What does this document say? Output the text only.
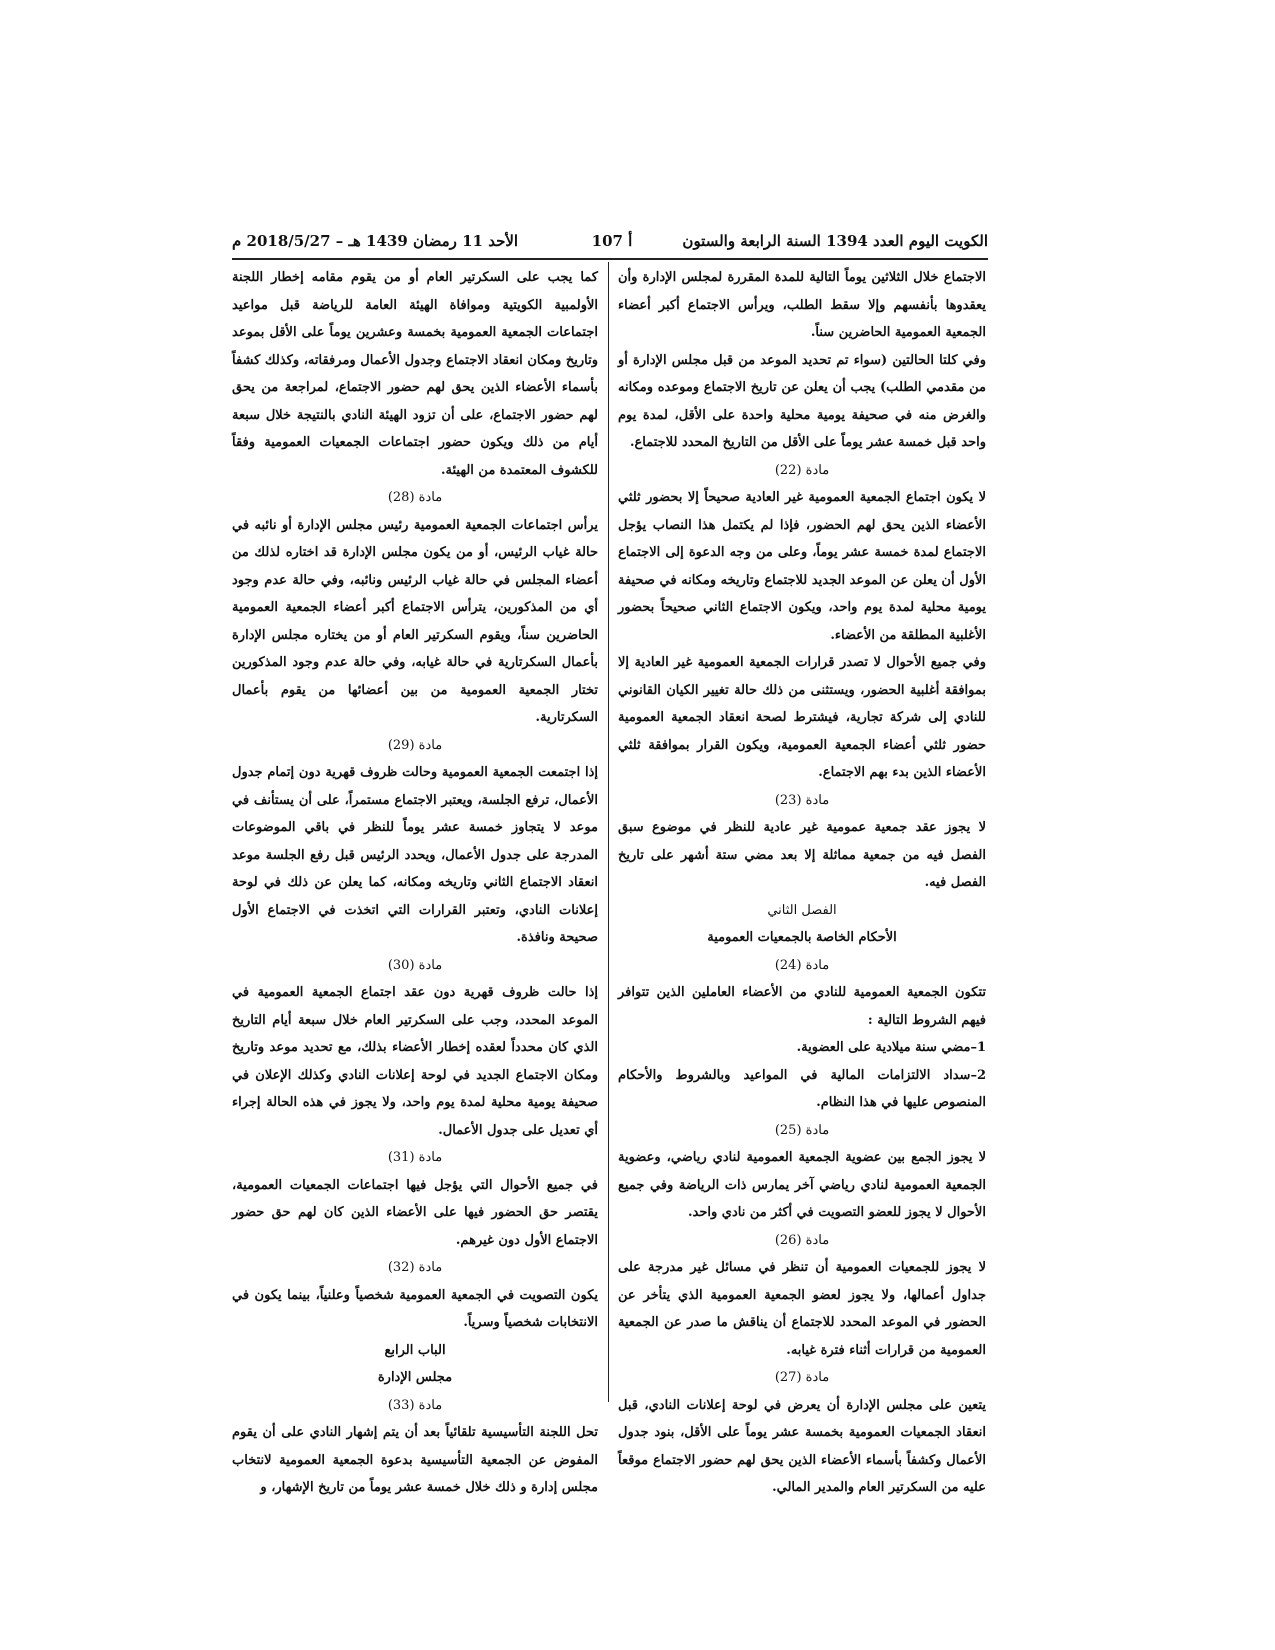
الأحد 11 رمضان 1439 هـ – 2018/5/27 م	أ 107	الكويت اليوم العدد 1394 السنة الرابعة والستون

الاجتماع خلال الثلاثين يوماً التالية للمدة المقررة لمجلس الإدارة وأن يعقدوها بأنفسهم وإلا سقط الطلب، ويرأس الاجتماع أكبر أعضاء الجمعية العمومية الحاضرين سناً.

وفي كلتا الحالتين (سواء تم تحديد الموعد من قبل مجلس الإدارة أو من مقدمي الطلب) يجب أن يعلن عن تاريخ الاجتماع وموعده ومكانه والغرض منه في صحيفة يومية محلية واحدة على الأقل، لمدة يوم واحد قبل خمسة عشر يوماً على الأقل من التاريخ المحدد للاجتماع.

مادة (22)

لا يكون اجتماع الجمعية العمومية غير العادية صحيحاً إلا بحضور ثلثي الأعضاء الذين يحق لهم الحضور، فإذا لم يكتمل هذا النصاب يؤجل الاجتماع لمدة خمسة عشر يوماً، وعلى من وجه الدعوة إلى الاجتماع الأول أن يعلن عن الموعد الجديد للاجتماع وتاريخه ومكانه في صحيفة يومية محلية لمدة يوم واحد، ويكون الاجتماع الثاني صحيحاً بحضور الأغلبية المطلقة من الأعضاء.

وفي جميع الأحوال لا تصدر قرارات الجمعية العمومية غير العادية إلا بموافقة أغلبية الحضور، ويستثنى من ذلك حالة تغيير الكيان القانوني للنادي إلى شركة تجارية، فيشترط لصحة انعقاد الجمعية العمومية حضور ثلثي أعضاء الجمعية العمومية، ويكون القرار بموافقة ثلثي الأعضاء الذين بدء بهم الاجتماع.

مادة (23)

لا يجوز عقد جمعية عمومية غير عادية للنظر في موضوع سبق الفصل فيه من جمعية مماثلة إلا بعد مضي ستة أشهر على تاريخ الفصل فيه.

الفصل الثاني

الأحكام الخاصة بالجمعيات العمومية

مادة (24)

تتكون الجمعية العمومية للنادي من الأعضاء العاملين الذين تتوافر فيهم الشروط التالية :

1–مضي سنة ميلادية على العضوية.

2–سداد الالتزامات المالية في المواعيد وبالشروط والأحكام المنصوص عليها في هذا النظام.

مادة (25)

لا يجوز الجمع بين عضوية الجمعية العمومية لنادي رياضي، وعضوية الجمعية العمومية لنادي رياضي آخر يمارس ذات الرياضة وفي جميع الأحوال لا يجوز للعضو التصويت في أكثر من نادي واحد.

مادة (26)

لا يجوز للجمعيات العمومية أن تنظر في مسائل غير مدرجة على جداول أعمالها، ولا يجوز لعضو الجمعية العمومية الذي يتأخر عن الحضور في الموعد المحدد للاجتماع أن يناقش ما صدر عن الجمعية العمومية من قرارات أثناء فترة غيابه.

مادة (27)

يتعين على مجلس الإدارة أن يعرض في لوحة إعلانات النادي، قبل انعقاد الجمعيات العمومية بخمسة عشر يوماً على الأقل، بنود جدول الأعمال وكشفاً بأسماء الأعضاء الذين يحق لهم حضور الاجتماع موقعاً عليه من السكرتير العام والمدير المالي.

كما يجب على السكرتير العام أو من يقوم مقامه إخطار اللجنة الأولمبية الكويتية وموافاة الهيئة العامة للرياضة قبل مواعيد اجتماعات الجمعية العمومية بخمسة وعشرين يوماً على الأقل بموعد وتاريخ ومكان انعقاد الاجتماع وجدول الأعمال ومرفقاته، وكذلك كشفاً بأسماء الأعضاء الذين يحق لهم حضور الاجتماع، لمراجعة من يحق لهم حضور الاجتماع، على أن تزود الهيئة النادي بالنتيجة خلال سبعة أيام من ذلك ويكون حضور اجتماعات الجمعيات العمومية وفقاً للكشوف المعتمدة من الهيئة.

مادة (28)

يرأس اجتماعات الجمعية العمومية رئيس مجلس الإدارة أو نائبه في حالة غياب الرئيس، أو من يكون مجلس الإدارة قد اختاره لذلك من أعضاء المجلس في حالة غياب الرئيس ونائبه، وفي حالة عدم وجود أي من المذكورين، يترأس الاجتماع أكبر أعضاء الجمعية العمومية الحاضرين سناً، ويقوم السكرتير العام أو من يختاره مجلس الإدارة بأعمال السكرتارية في حالة غيابه، وفي حالة عدم وجود المذكورين تختار الجمعية العمومية من بين أعضائها من يقوم بأعمال السكرتارية.

مادة (29)

إذا اجتمعت الجمعية العمومية وحالت ظروف قهرية دون إتمام جدول الأعمال، ترفع الجلسة، ويعتبر الاجتماع مستمراً، على أن يستأنف في موعد لا يتجاوز خمسة عشر يوماً للنظر في باقي الموضوعات المدرجة على جدول الأعمال، ويحدد الرئيس قبل رفع الجلسة موعد انعقاد الاجتماع الثاني وتاريخه ومكانه، كما يعلن عن ذلك في لوحة إعلانات النادي، وتعتبر القرارات التي اتخذت في الاجتماع الأول صحيحة ونافذة.

مادة (30)

إذا حالت ظروف قهرية دون عقد اجتماع الجمعية العمومية في الموعد المحدد، وجب على السكرتير العام خلال سبعة أيام التاريخ الذي كان محدداً لعقده إخطار الأعضاء بذلك، مع تحديد موعد وتاريخ ومكان الاجتماع الجديد في لوحة إعلانات النادي وكذلك الإعلان في صحيفة يومية محلية لمدة يوم واحد، ولا يجوز في هذه الحالة إجراء أي تعديل على جدول الأعمال.

مادة (31)

في جميع الأحوال التي يؤجل فيها اجتماعات الجمعيات العمومية، يقتصر حق الحضور فيها على الأعضاء الذين كان لهم حق حضور الاجتماع الأول دون غيرهم.

مادة (32)

يكون التصويت في الجمعية العمومية شخصياً وعلنياً، بينما يكون في الانتخابات شخصياً وسرياً.

الباب الرابع

مجلس الإدارة

مادة (33)

تحل اللجنة التأسيسية تلقائياً بعد أن يتم إشهار النادي على أن يقوم المفوض عن الجمعية التأسيسية بدعوة الجمعية العمومية لانتخاب مجلس إدارة و ذلك خلال خمسة عشر يوماً من تاريخ الإشهار، و
